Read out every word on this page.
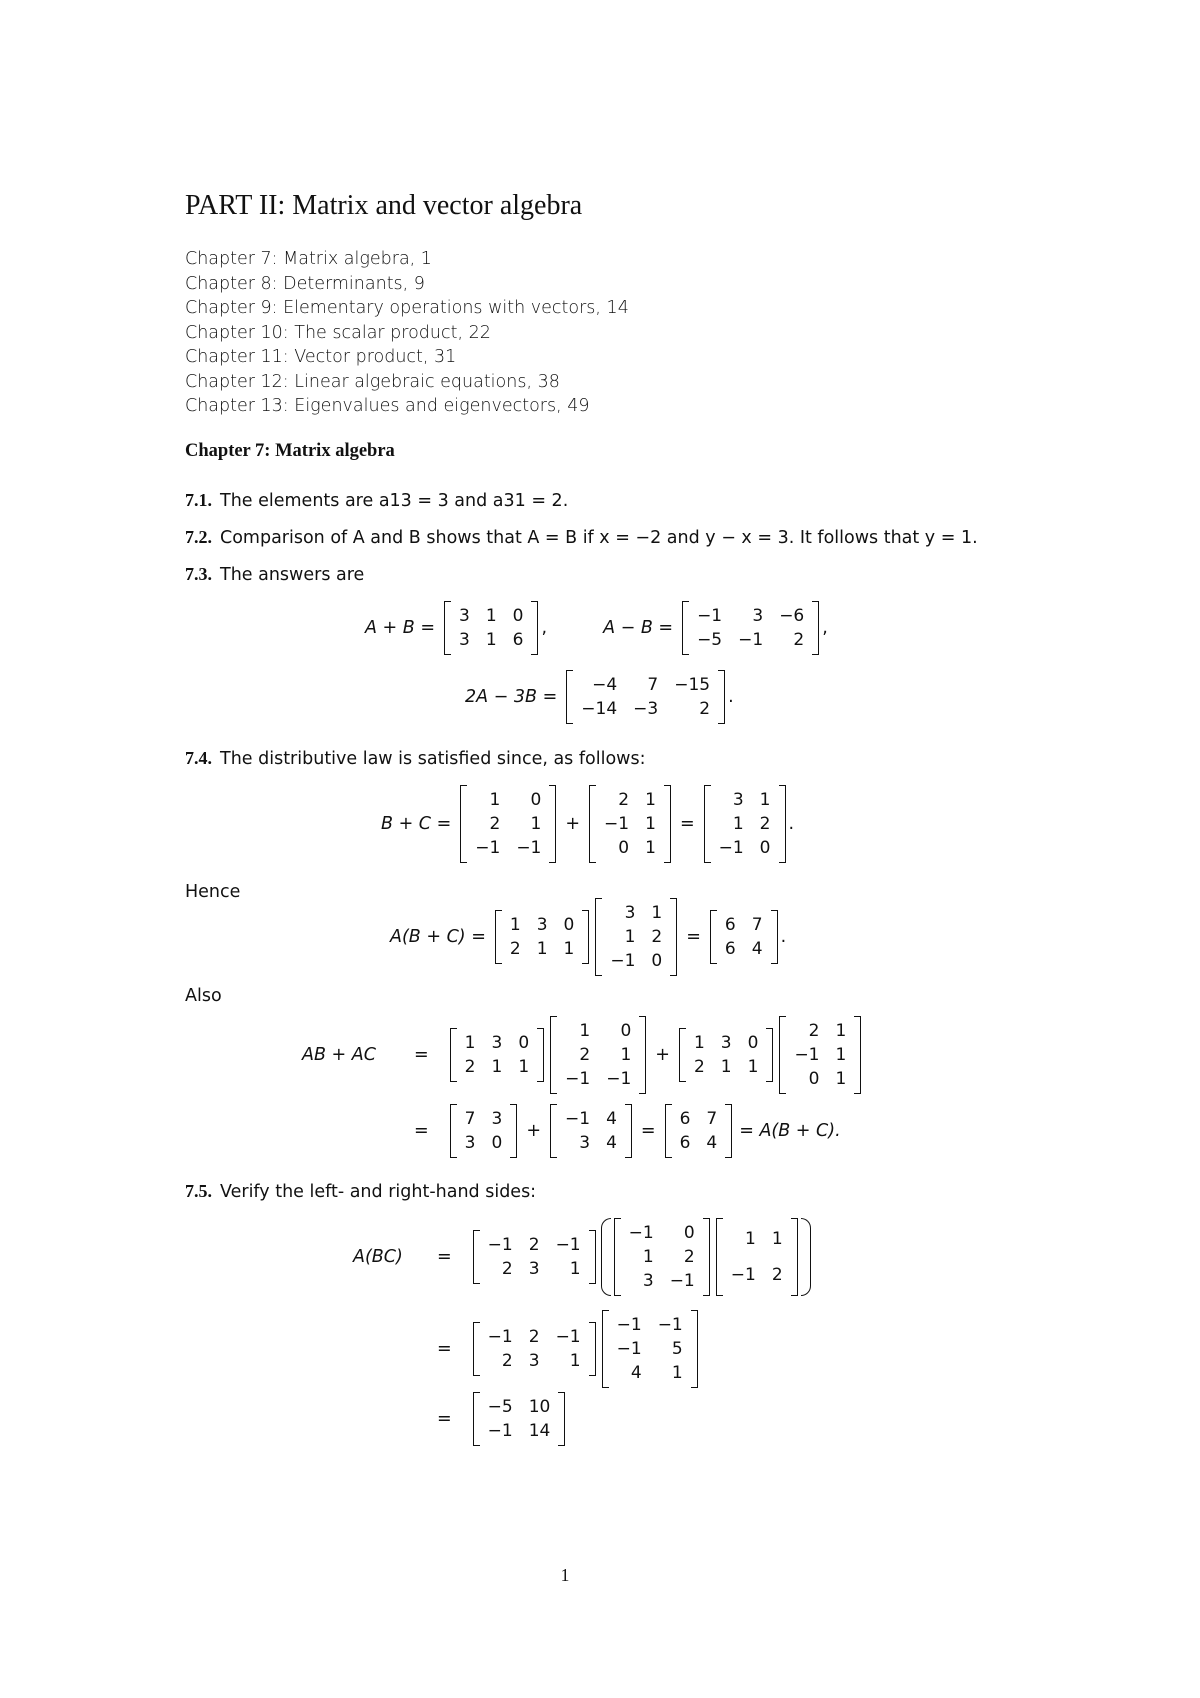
PART II: Matrix and vector algebra
Chapter 7: Matrix algebra, 1
Chapter 8: Determinants, 9
Chapter 9: Elementary operations with vectors, 14
Chapter 10: The scalar product, 22
Chapter 11: Vector product, 31
Chapter 12: Linear algebraic equations, 38
Chapter 13: Eigenvalues and eigenvectors, 49
Chapter 7: Matrix algebra
7.1. The elements are a13 = 3 and a31 = 2.
7.2. Comparison of A and B shows that A = B if x = −2 and y − x = 3. It follows that y = 1.
7.3. The answers are
A + B =
3	1	0
3	1	6
,	A − B =
−1	3	−6
−5	−1	2
,
2A − 3B =
−4	7	−15
−14	−3	2
.
7.4. The distributive law is satisfied since, as follows:
B + C =
1	0
2	1
−1	−1
+
2	1
−1	1
0	1
=
3	1
1	2
−1	0
.
Hence
A(B + C) =
1	3	0
2	1	1
3	1
1	2
−1	0
=
6	7
6	4
.
Also
AB + AC	=
1	3	0
2	1	1
1	0
2	1
−1	−1
+
1	3	0
2	1	1
2	1
−1	1
0	1
=
7	3
3	0
+
−1	4
3	4
=
6	7
6	4
= A(B + C).
7.5. Verify the left- and right-hand sides:
A(BC)	=
−1	2	−1
2	3	1
−1	0
1	2
3	−1
1	1
−1	2
=
−1	2	−1
2	3	1
−1	−1
−1	5
4	1
=
−5	10
−1	14
1
